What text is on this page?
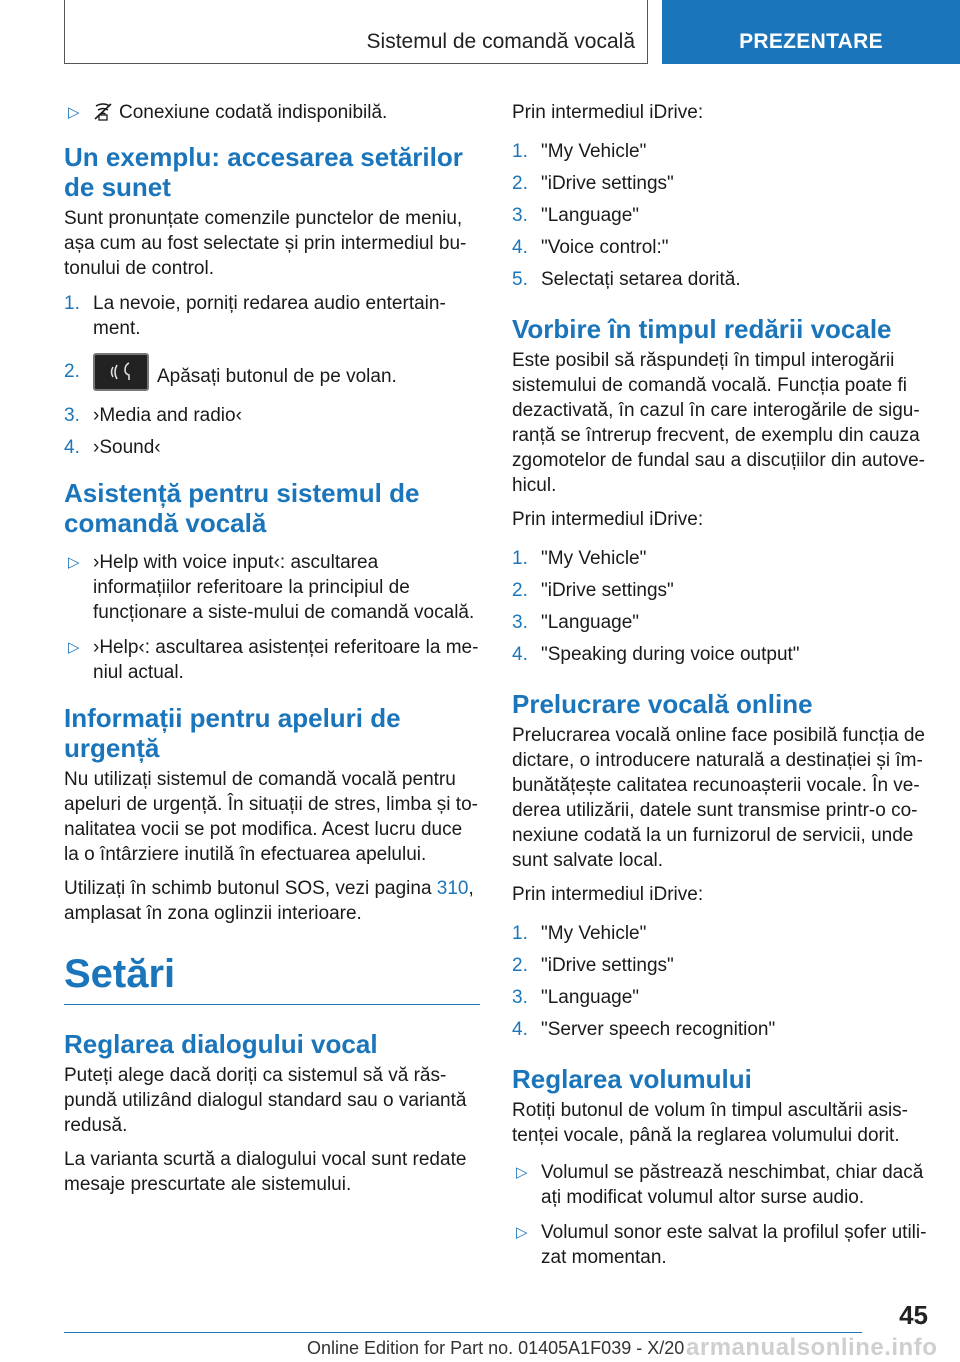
Sistemul de comandă vocală	PREZENTARE
▷ Conexiune codată indisponibilă.
Un exemplu: accesarea setărilor de sunet

Sunt pronunțate comenzile punctelor de meniu, așa cum au fost selectate și prin intermediul bu-tonului de control.

1. La nevoie, porniți redarea audio entertain-ment.
2.	Apăsați butonul de pe volan.
3. ›Media and radio‹
4. ›Sound‹
Asistență pentru sistemul de comandă vocală
▷ ›Help with voice input‹: ascultarea informațiilor referitoare la principiul de funcționare a siste-mului de comandă vocală.
▷ ›Help‹: ascultarea asistenței referitoare la me-niul actual.
Informații pentru apeluri de urgență

Nu utilizați sistemul de comandă vocală pentru apeluri de urgență. În situații de stres, limba și to-nalitatea vocii se pot modifica. Acest lucru duce la o întârziere inutilă în efectuarea apelului.

Utilizați în schimb butonul SOS, vezi pagina 310, amplasat în zona oglinzii interioare.

Setări
Reglarea dialogului vocal

Puteți alege dacă doriți ca sistemul să vă răs-pundă utilizând dialogul standard sau o variantă redusă.

La varianta scurtă a dialogului vocal sunt redate mesaje prescurtate ale sistemului.

Prin intermediul iDrive:

1. "My Vehicle"
2. "iDrive settings"
3. "Language"
4. "Voice control:"
5. Selectați setarea dorită.
Vorbire în timpul redării vocale

Este posibil să răspundeți în timpul interogării sistemului de comandă vocală. Funcția poate fi dezactivată, în cazul în care interogările de sigu-ranță se întrerup frecvent, de exemplu din cauza zgomotelor de fundal sau a discuțiilor din autove-hicul.

Prin intermediul iDrive:

1. "My Vehicle"
2. "iDrive settings"
3. "Language"
4. "Speaking during voice output"
Prelucrare vocală online

Prelucrarea vocală online face posibilă funcția de dictare, o introducere naturală a destinației și îm-bunătățește calitatea recunoașterii vocale. În ve-derea utilizării, datele sunt transmise printr-o co-nexiune codată la un furnizorul de servicii, unde sunt salvate local.

Prin intermediul iDrive:

1. "My Vehicle"
2. "iDrive settings"
3. "Language"
4. "Server speech recognition"
Reglarea volumului

Rotiți butonul de volum în timpul ascultării asis-tenței vocale, până la reglarea volumului dorit.

▷ Volumul se păstrează neschimbat, chiar dacă ați modificat volumul altor surse audio.
▷ Volumul sonor este salvat la profilul șofer utili-zat momentan.
45
Online Edition for Part no. 01405A1F039 - X/20 armanualsonline.info
